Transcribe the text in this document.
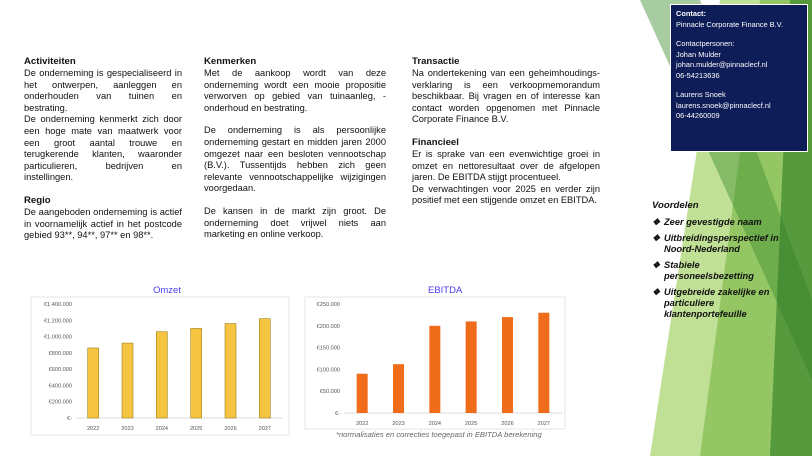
Activiteiten

De onderneming is gespecialiseerd in het ontwerpen, aanleggen en onderhouden van tuinen en bestrating.

De onderneming kenmerkt zich door een hoge mate van maatwerk voor een groot aantal trouwe en terugkerende klanten, waaronder particulieren, bedrijven en instellingen.

Regio

De aangeboden onderneming is actief in voornamelijk actief in het postcode gebied 93**, 94**, 97** en 98**.

Kenmerken

Met de aankoop wordt van deze onderneming wordt een mooie propositie verworven op gebied van tuinaanleg, -onderhoud en bestrating.

De onderneming is als persoonlijke onderneming gestart en midden jaren 2000 omgezet naar een besloten vennootschap (B.V.). Tussentijds hebben zich geen relevante vennootschappelijke wijzigingen voorgedaan.

De kansen in de markt zijn groot. De onderneming doet vrijwel niets aan marketing en online verkoop.

Transactie

Na ondertekening van een geheimhoudings-verklaring is een verkoopmemorandum beschikbaar. Bij vragen en of interesse kan contact worden opgenomen met Pinnacle Corporate Finance B.V.

Financieel

Er is sprake van een evenwichtige groei in omzet en nettoresultaat over de afgelopen jaren. De EBITDA stijgt procentueel.

De verwachtingen voor 2025 en verder zijn positief met een stijgende omzet en EBITDA.

Contact:
Pinnacle Corporate Finance B.V.
Contactpersonen:
Johan Mulder
johan.mulder@pinnaclecf.nl
06-54213636
Laurens Snoek
laurens.snoek@pinnaclecf.nl
06-44260009
Voordelen
❖ Zeer gevestigde naam
❖ Uitbreidingsperspectief in Noord-Nederland
❖ Stabiele personeelsbezetting
❖ Uitgebreide zakelijke en particuliere klantenportefeuille
Omzet
€-
€200.000
€400.000
€600.000
€800.000
€1.000.000
€1.200.000
€1.400.000
2022	2023	2024	2025	2026	2027
EBITDA
€-
€50.000
€100.000
€150.000
€200.000
€250.000
2022	2023	2024	2025	2026	2027
*normalisaties en correcties toegepast in EBITDA berekening
